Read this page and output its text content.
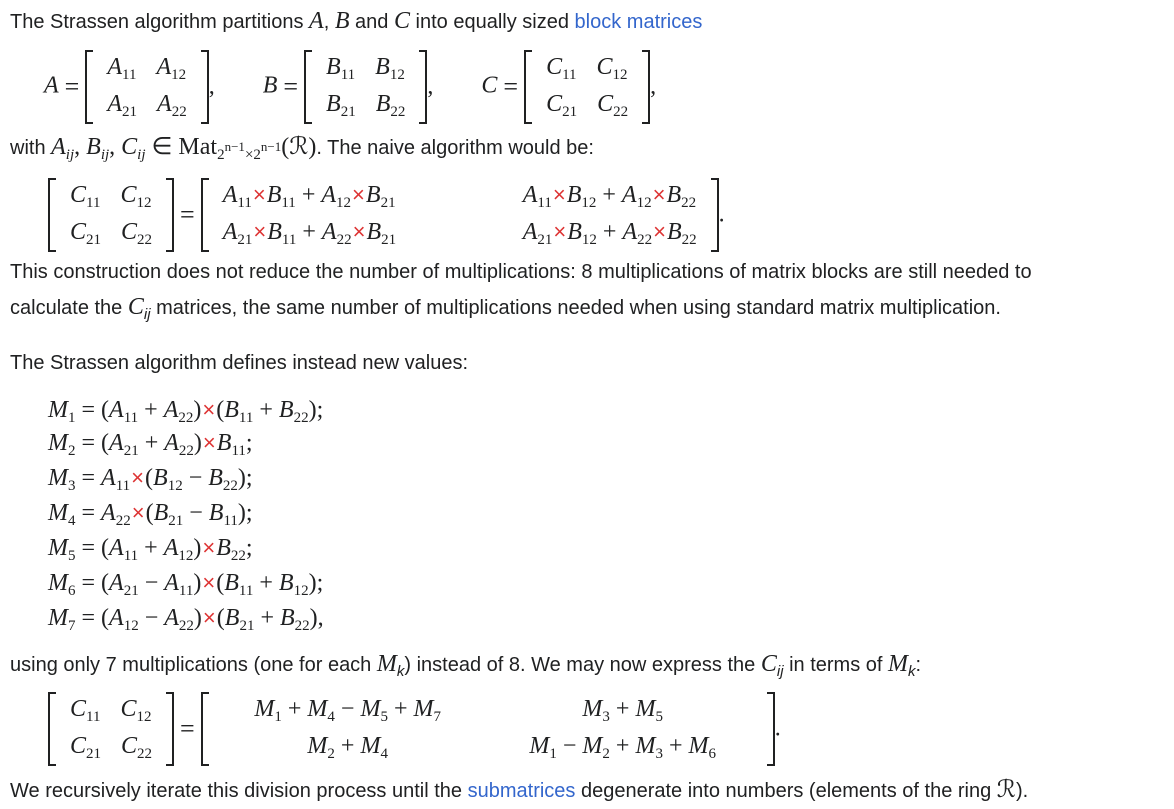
The Strassen algorithm partitions A, B and C into equally sized block matrices
A =
$A_{11}$ $A_{12}$
$A_{21}$ $A_{22}$
, B =
$B_{11}$ $B_{12}$
$B_{21}$ $B_{22}$
, C =
$C_{11}$ $C_{12}$
$C_{21}$ $C_{22}$
,
with $A_{ij}$, $B_{ij}$, $C_{ij}$ ∈ Mat$_{2n-1\times 2n-1}$(ℛ). The naive algorithm would be:
$C_{11}$ $C_{12}$
$C_{21}$ $C_{22}$
=
$A_{11}\times B_{11} + A_{12}\times B_{21}$	$A_{11}\times B_{12} + A_{12}\times B_{22}$
$A_{21}\times B_{11} + A_{22}\times B_{21}$	$A_{21}\times B_{12} + A_{22}\times B_{22}$
.
This construction does not reduce the number of multiplications: 8 multiplications of matrix blocks are still needed to
calculate the $C_{ij}$ matrices, the same number of multiplications needed when using standard matrix multiplication.
The Strassen algorithm defines instead new values:
$M_1 = (A_{11} + A_{22})\times(B_{11} + B_{22})$;
$M_2 = (A_{21} + A_{22})\times B_{11}$;
$M_3 = A_{11}\times(B_{12} - B_{22})$;
$M_4 = A_{22}\times(B_{21} - B_{11})$;
$M_5 = (A_{11} + A_{12})\times B_{22}$;
$M_6 = (A_{21} - A_{11})\times(B_{11} + B_{12})$;
$M_7 = (A_{12} - A_{22})\times(B_{21} + B_{22})$,
using only 7 multiplications (one for each $M_k$) instead of 8. We may now express the $C_{ij}$ in terms of $M_k$:
$C_{11}$ $C_{12}$
$C_{21}$ $C_{22}$
=
$M_1 + M_4 - M_5 + M_7$	$M_3 + M_5$
$M_2 + M_4$	$M_1 - M_2 + M_3 + M_6$
.
We recursively iterate this division process until the submatrices degenerate into numbers (elements of the ring ℛ).
